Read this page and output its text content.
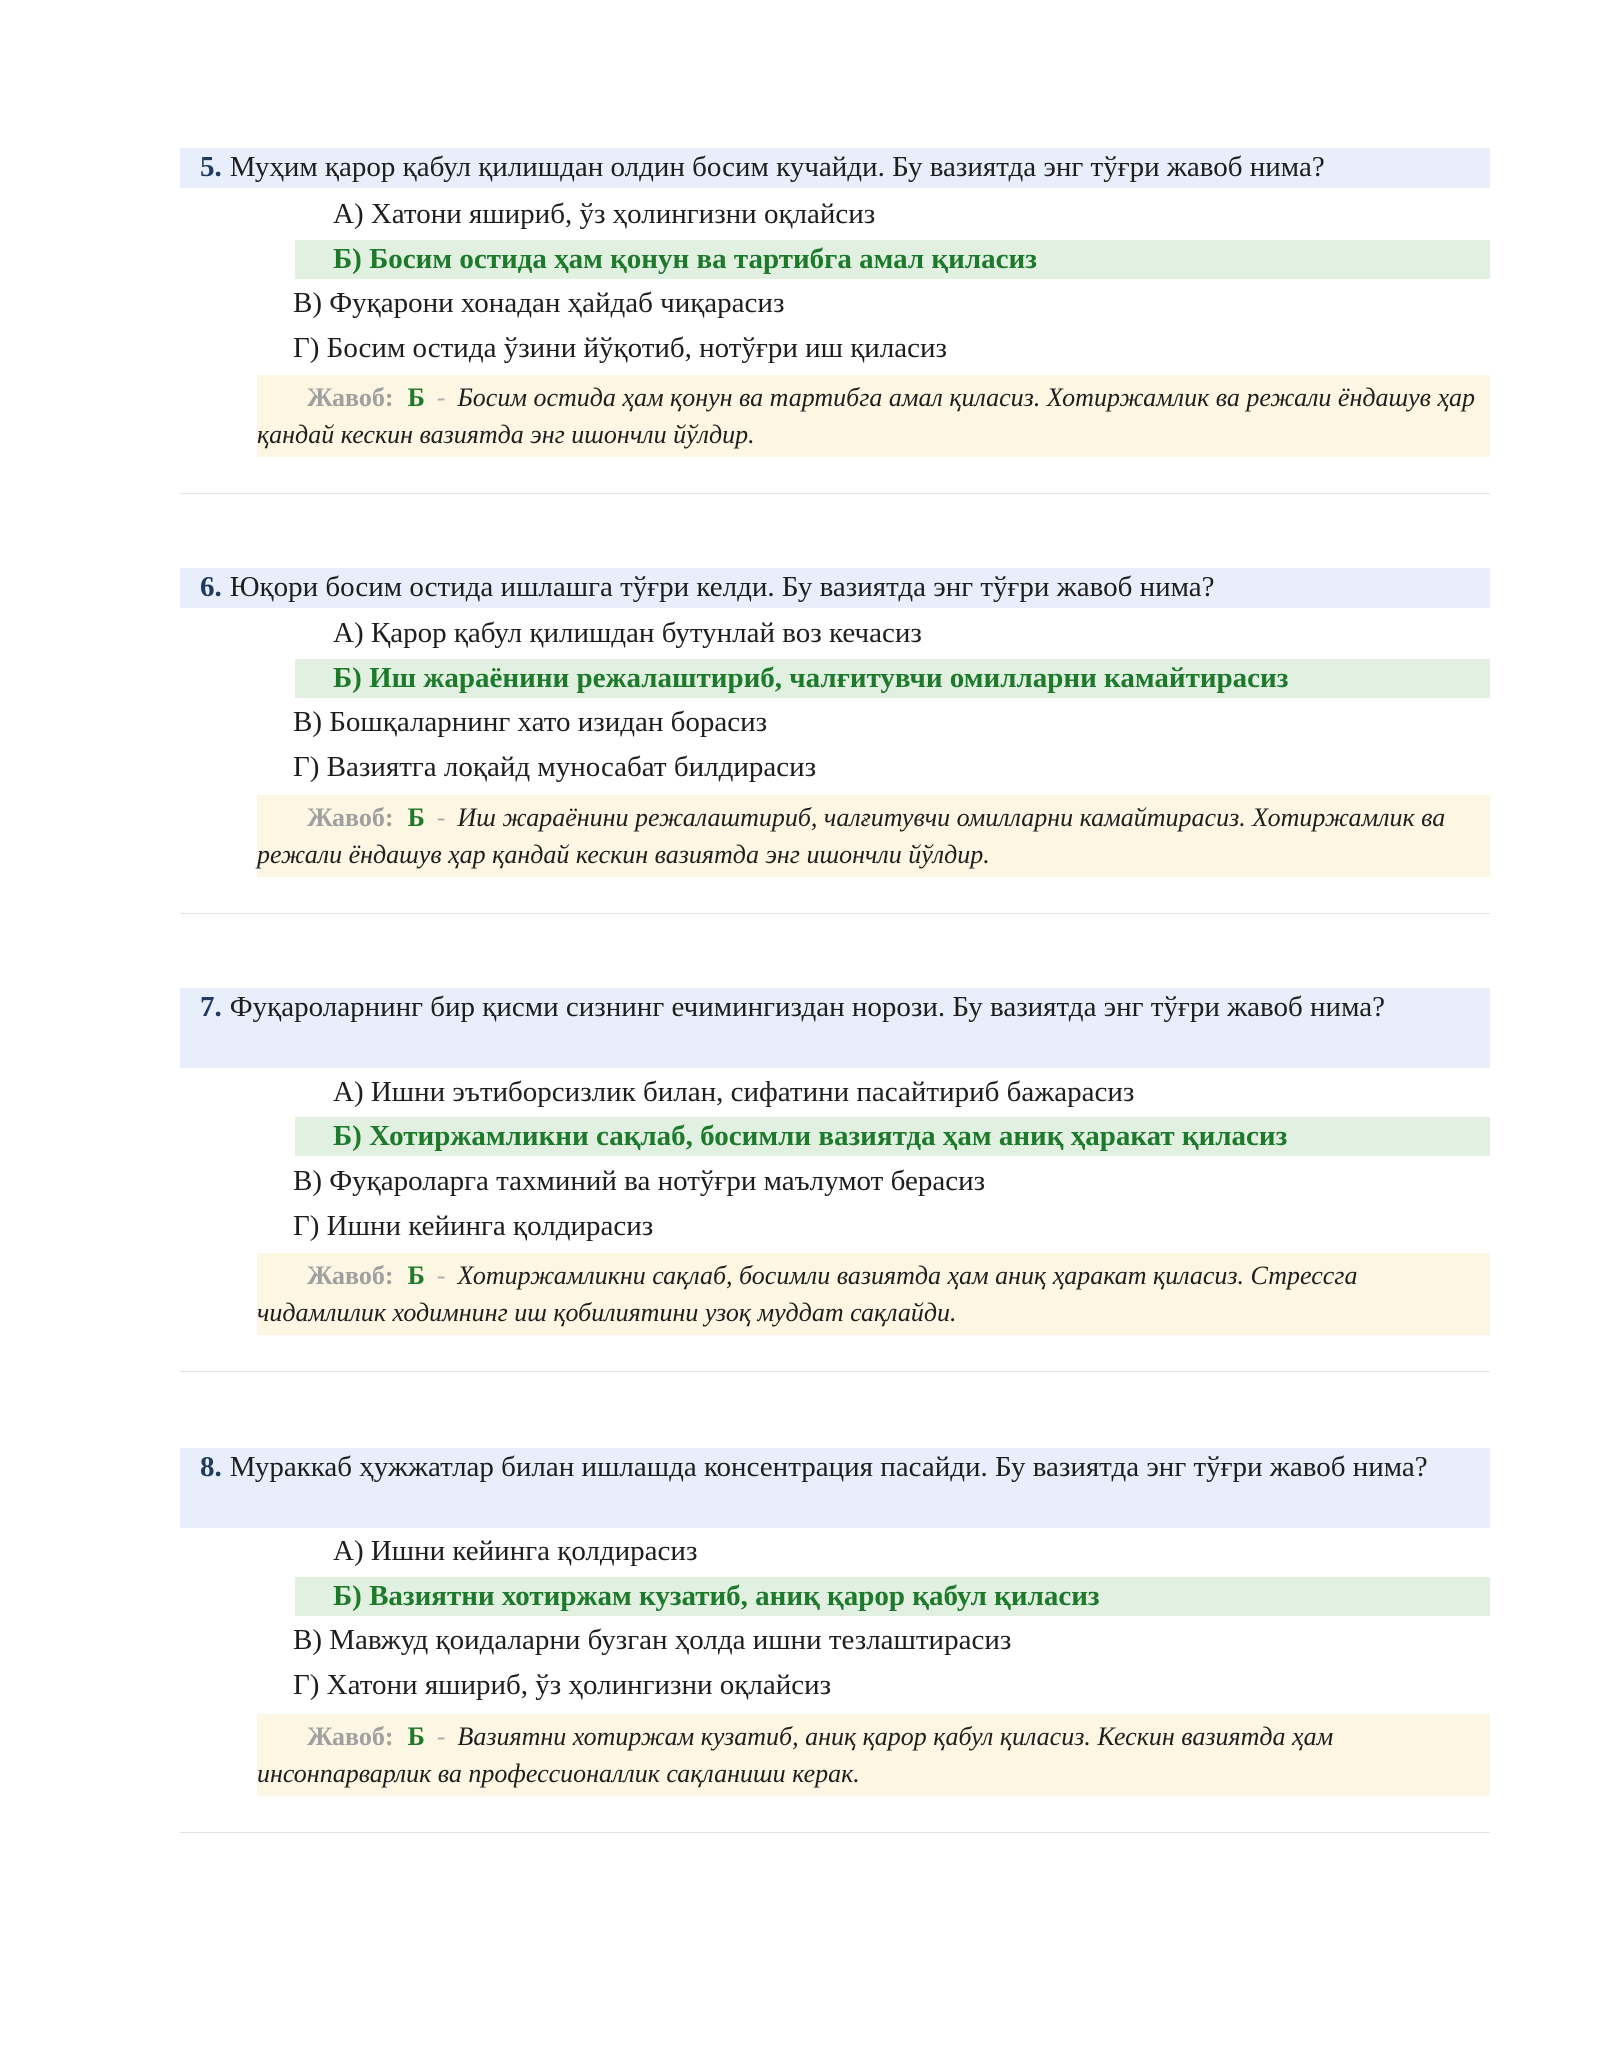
5. Муҳим қарор қабул қилишдан олдин босим кучайди. Бу вазиятда энг тўғри жавоб нима?
А) Хатони яшириб, ўз ҳолингизни оқлайсиз
Б) Босим остида ҳам қонун ва тартибга амал қиласиз
В) Фуқарони хонадан ҳайдаб чиқарасиз
Г) Босим остида ўзини йўқотиб, нотўғри иш қиласиз
Жавоб: Б - Босим остида ҳам қонун ва тартибга амал қиласиз. Хотиржамлик ва режали ёндашув ҳар қандай кескин вазиятда энг ишончли йўлдир.
6. Юқори босим остида ишлашга тўғри келди. Бу вазиятда энг тўғри жавоб нима?
А) Қарор қабул қилишдан бутунлай воз кечасиз
Б) Иш жараёнини режалаштириб, чалғитувчи омилларни камайтирасиз
В) Бошқаларнинг хато изидан борасиз
Г) Вазиятга лоқайд муносабат билдирасиз
Жавоб: Б - Иш жараёнини режалаштириб, чалғитувчи омилларни камайтирасиз. Хотиржамлик ва режали ёндашув ҳар қандай кескин вазиятда энг ишончли йўлдир.
7. Фуқароларнинг бир қисми сизнинг ечимингиздан норози. Бу вазиятда энг тўғри жавоб нима?
А) Ишни эътиборсизлик билан, сифатини пасайтириб бажарасиз
Б) Хотиржамликни сақлаб, босимли вазиятда ҳам аниқ ҳаракат қиласиз
В) Фуқароларга тахминий ва нотўғри маълумот берасиз
Г) Ишни кейинга қолдирасиз
Жавоб: Б - Хотиржамликни сақлаб, босимли вазиятда ҳам аниқ ҳаракат қиласиз. Стрессга чидамлилик ходимнинг иш қобилиятини узоқ муддат сақлайди.
8. Мураккаб ҳужжатлар билан ишлашда консентрация пасайди. Бу вазиятда энг тўғри жавоб нима?
А) Ишни кейинга қолдирасиз
Б) Вазиятни хотиржам кузатиб, аниқ қарор қабул қиласиз
В) Мавжуд қоидаларни бузган ҳолда ишни тезлаштирасиз
Г) Хатони яшириб, ўз ҳолингизни оқлайсиз
Жавоб: Б - Вазиятни хотиржам кузатиб, аниқ қарор қабул қиласиз. Кескин вазиятда ҳам инсонпарварлик ва профессионаллик сақланиши керак.
